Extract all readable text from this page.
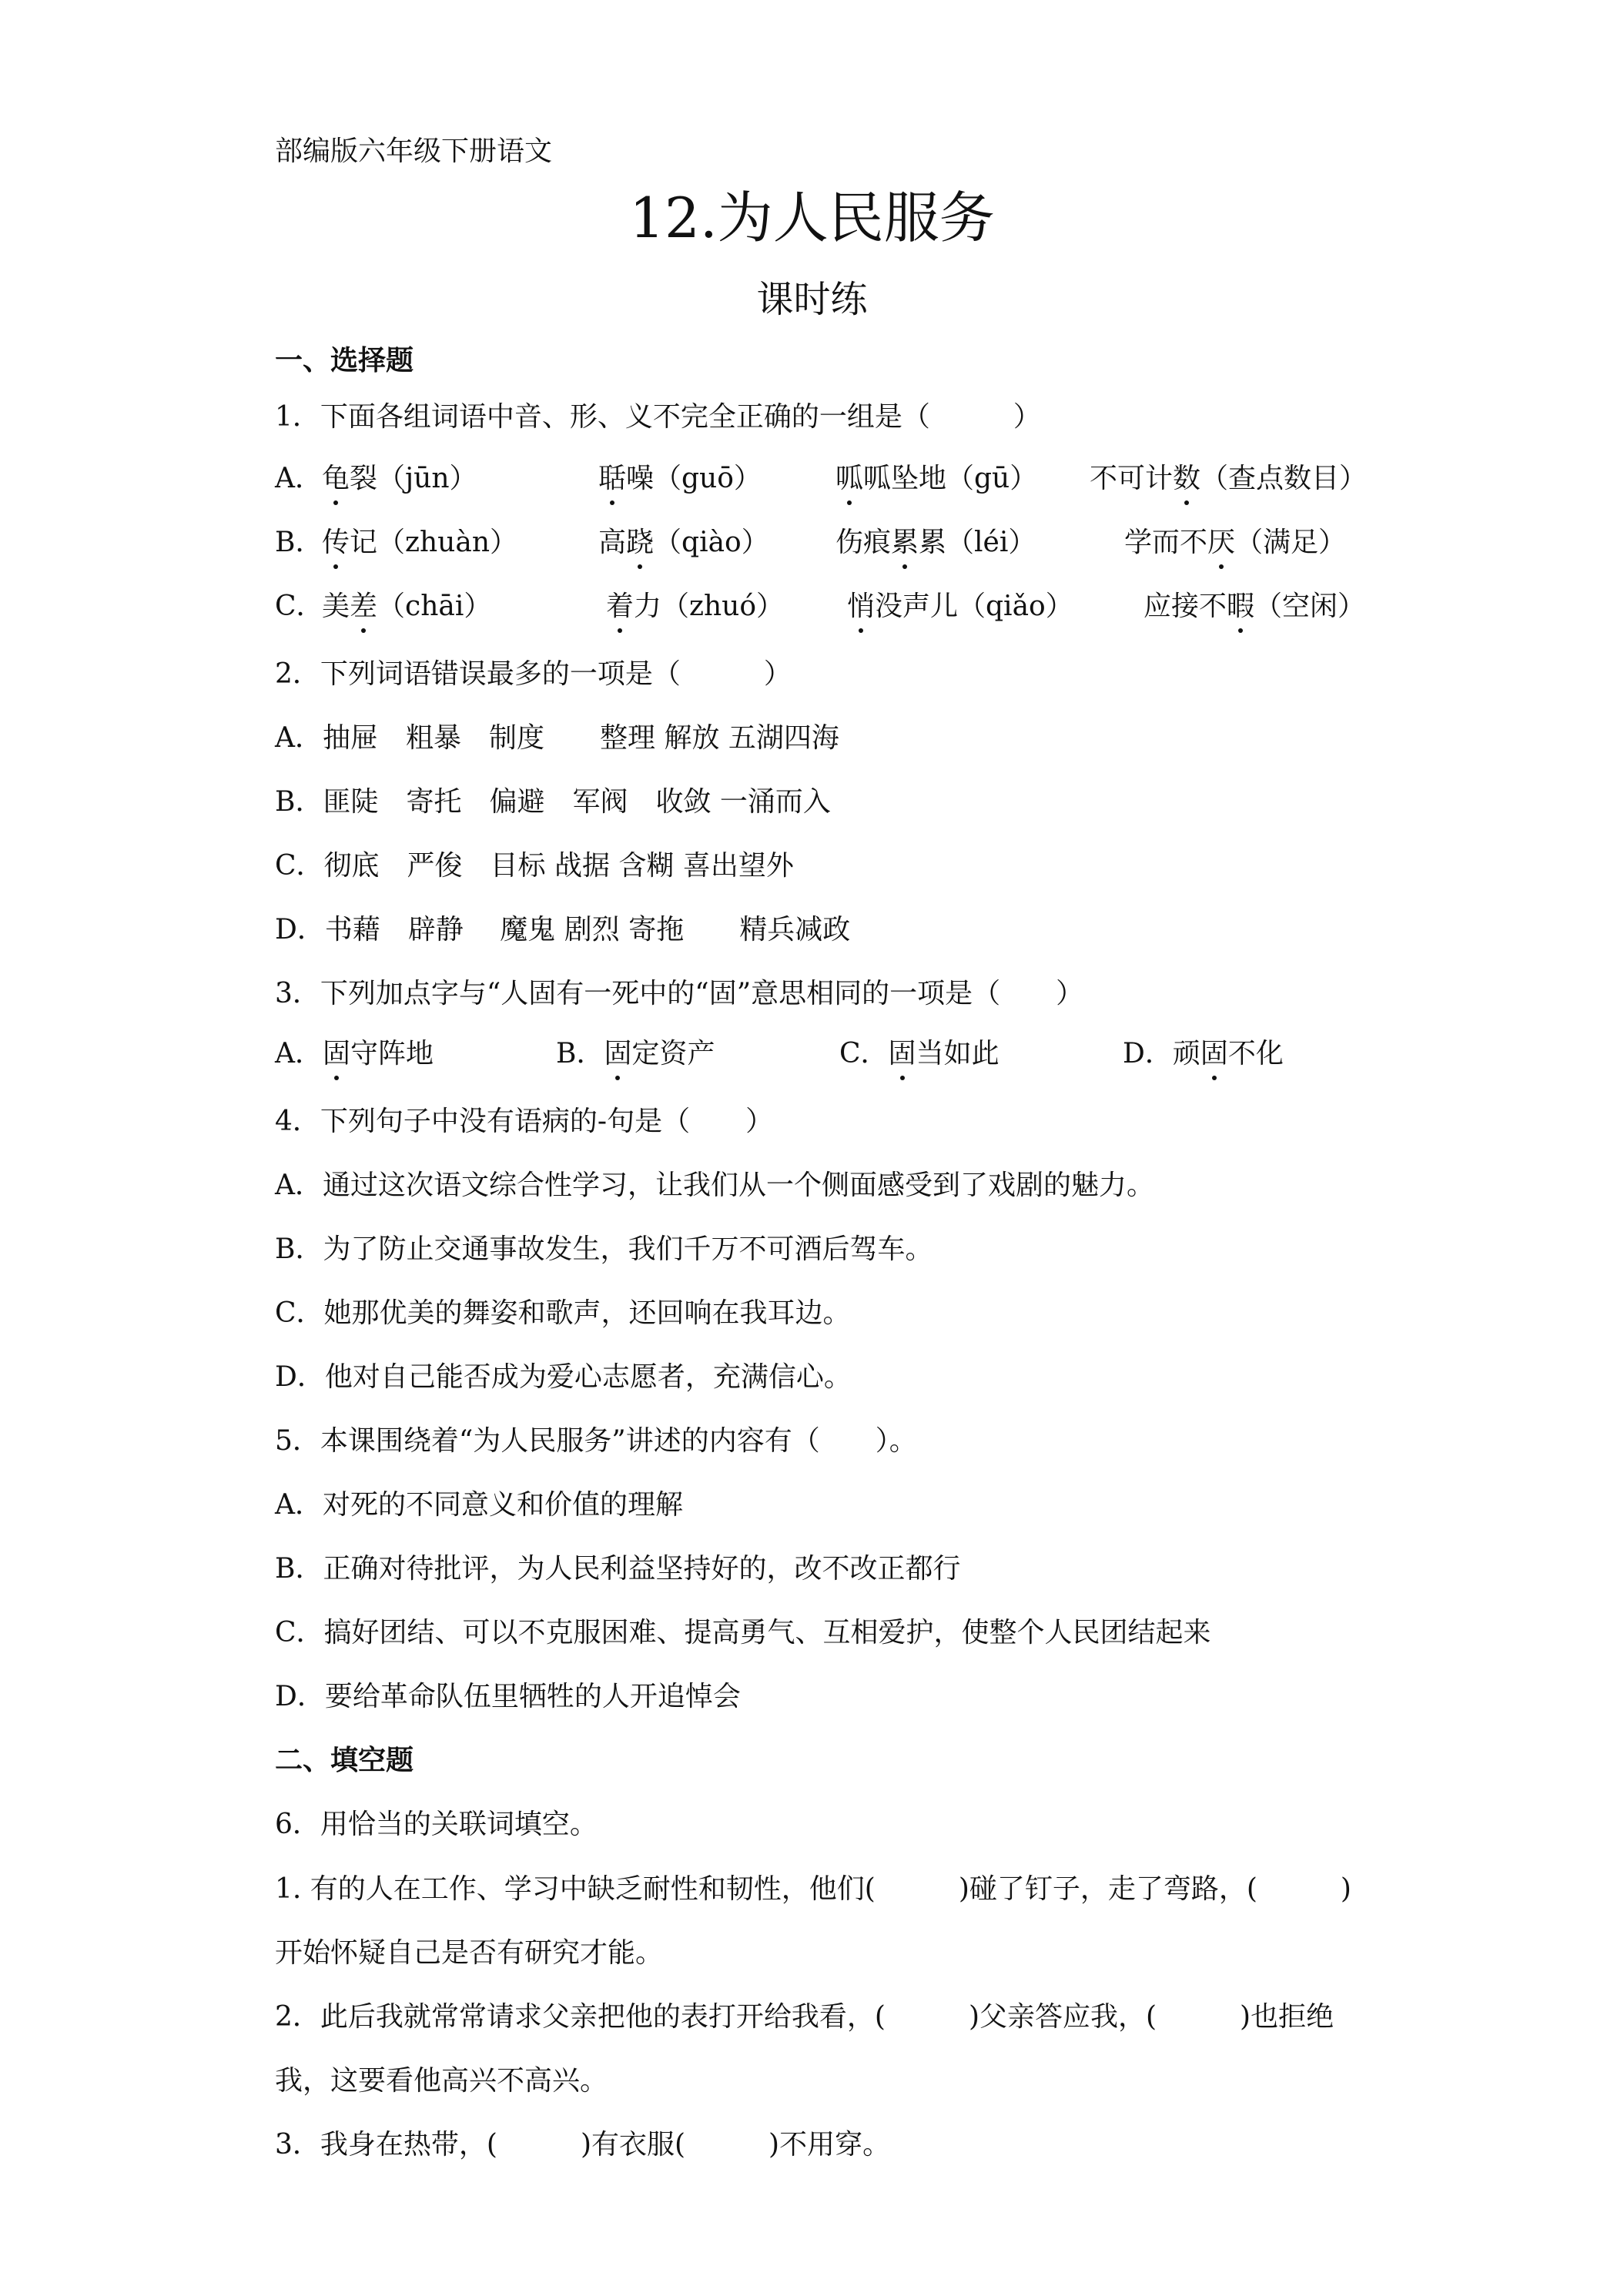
部编版六年级下册语文
12.为人民服务
课时练
一、选择题
1．下面各组词语中音、形、义不完全正确的一组是（　　　）
A． 龟裂（jūn）	聒噪（guō）	呱呱坠地（gū） 不可计数（查点数目）
B．
传记（zhuàn）	高跷（qiào） 伤痕累累（léi）	学而不厌（满足）
C．
美差（chāi）	着力（zhuó） 悄没声儿（qiǎo）	应接不暇（空闲）
2．下列词语错误最多的一项是（　　　）
A．抽屉　粗暴　制度　　整理 解放 五湖四海
B．匪陡　寄托　偏避　军阀　收敛 一涌而入
C．彻底　严俊　目标 战据 含糊 喜出望外
D．书藉　辟静　 魔鬼 剧烈 寄拖　　精兵减政
3．下列加点字与“人固有一死中的“固”意思相同的一项是（　　）
A．固守阵地	B．固定资产	C．固当如此	D．顽固不化
4．下列句子中没有语病的-句是（　　）
A．通过这次语文综合性学习，让我们从一个侧面感受到了戏剧的魅力。
B．为了防止交通事故发生，我们千万不可酒后驾车。
C．她那优美的舞姿和歌声，还回响在我耳边。
D．他对自己能否成为爱心志愿者，充满信心。
5．本课围绕着“为人民服务”讲述的内容有（　　）。
A．对死的不同意义和价值的理解
B．正确对待批评，为人民利益坚持好的，改不改正都行
C．搞好团结、可以不克服困难、提高勇气、互相爱护，使整个人民团结起来
D．要给革命队伍里牺牲的人开追悼会
二、填空题
6．用恰当的关联词填空。
1. 有的人在工作、学习中缺乏耐性和韧性，他们(　　　)碰了钉子，走了弯路，(　　　)
开始怀疑自己是否有研究才能。
2．此后我就常常请求父亲把他的表打开给我看，(　　　)父亲答应我，(　　　)也拒绝
我，这要看他高兴不高兴。
3．我身在热带，(　　　)有衣服(　　　)不用穿。
